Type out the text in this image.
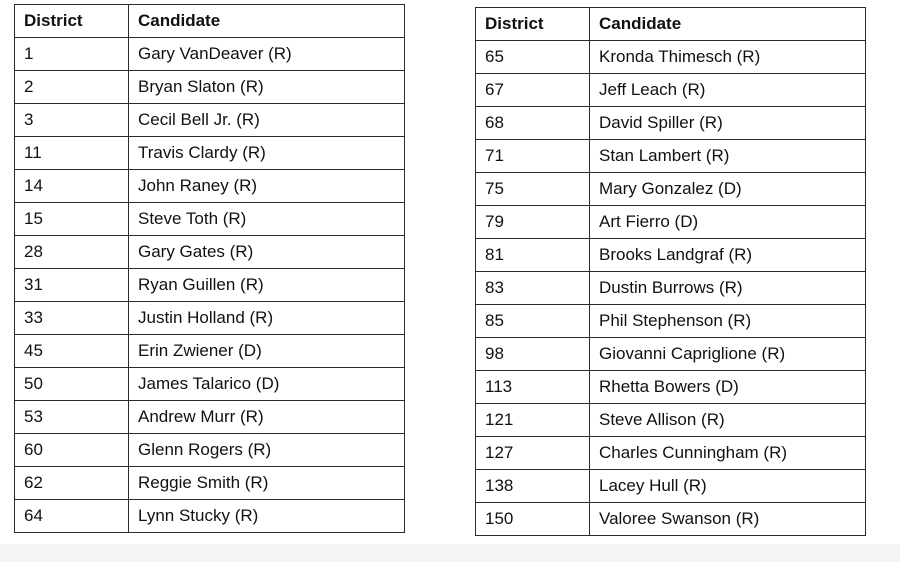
District	Candidate
1	Gary VanDeaver (R)
2	Bryan Slaton (R)
3	Cecil Bell Jr. (R)
11	Travis Clardy (R)
14	John Raney (R)
15	Steve Toth (R)
28	Gary Gates (R)
31	Ryan Guillen (R)
33	Justin Holland (R)
45	Erin Zwiener (D)
50	James Talarico (D)
53	Andrew Murr (R)
60	Glenn Rogers (R)
62	Reggie Smith (R)
64	Lynn Stucky (R)
District	Candidate
65	Kronda Thimesch (R)
67	Jeff Leach (R)
68	David Spiller (R)
71	Stan Lambert (R)
75	Mary Gonzalez (D)
79	Art Fierro (D)
81	Brooks Landgraf (R)
83	Dustin Burrows (R)
85	Phil Stephenson (R)
98	Giovanni Capriglione (R)
113	Rhetta Bowers (D)
121	Steve Allison (R)
127	Charles Cunningham (R)
138	Lacey Hull (R)
150	Valoree Swanson (R)
